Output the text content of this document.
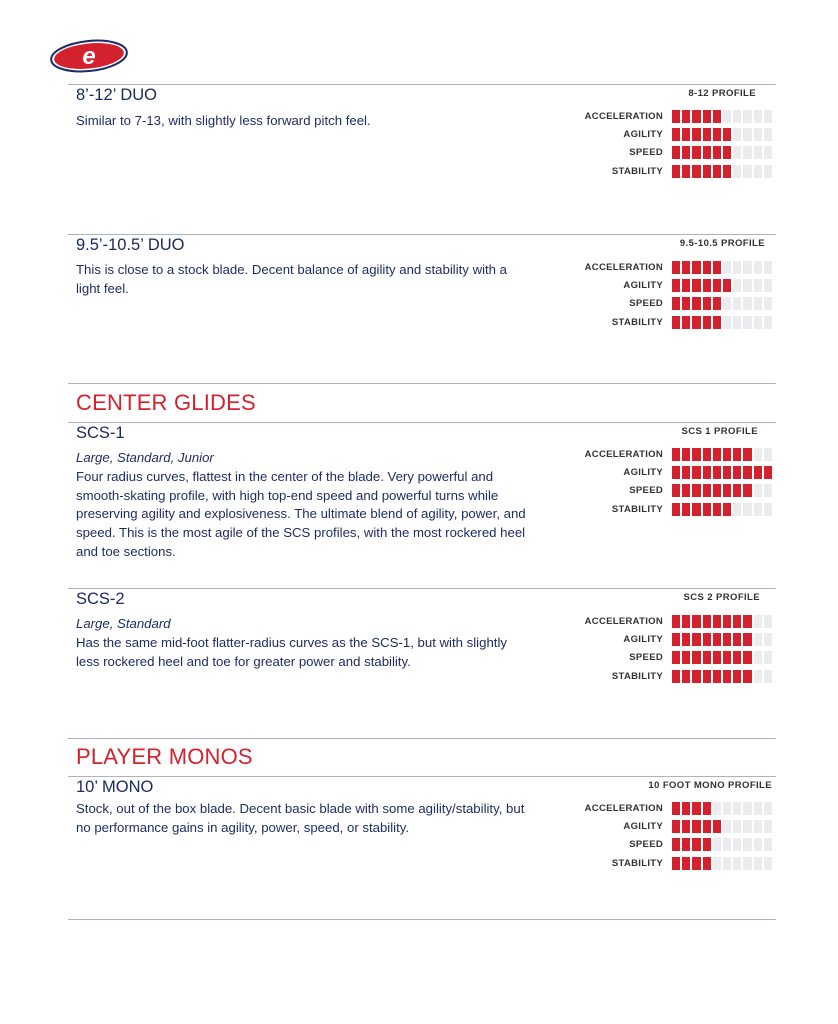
e
CENTER GLIDES
PLAYER MONOS
8’-12’ DUO
Similar to 7-13, with slightly less forward pitch feel.
8-12 PROFILE
ACCELERATION
AGILITY
SPEED
STABILITY
9.5’-10.5’ DUO
This is close to a stock blade. Decent balance of agility and stability with a light feel.
9.5-10.5 PROFILE
ACCELERATION
AGILITY
SPEED
STABILITY
SCS-1
Large, Standard, Junior
Four radius curves, flattest in the center of the blade. Very powerful and smooth-skating profile, with high top-end speed and powerful turns while preserving agility and explosiveness. The ultimate blend of agility, power, and speed. This is the most agile of the SCS profiles, with the most rockered heel and toe sections.
SCS 1 PROFILE
ACCELERATION
AGILITY
SPEED
STABILITY
SCS-2
Large, Standard
Has the same mid-foot flatter-radius curves as the SCS-1, but with slightly less rockered heel and toe for greater power and stability.
SCS 2 PROFILE
ACCELERATION
AGILITY
SPEED
STABILITY
10’ MONO
Stock, out of the box blade. Decent basic blade with some agility/stability, but no performance gains in agility, power, speed, or stability.
10 FOOT MONO PROFILE
ACCELERATION
AGILITY
SPEED
STABILITY
